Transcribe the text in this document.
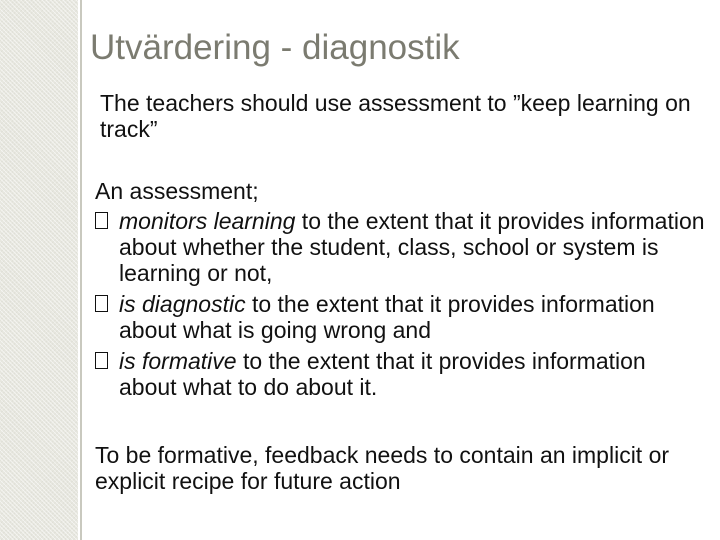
Utvärdering - diagnostik

The teachers should use assessment to ”keep learning on track”

An assessment;

monitors learning to the extent that it provides information about whether the student, class, school or system is learning or not,
is diagnostic to the extent that it provides information about what is going wrong and
is formative to the extent that it provides information about what to do about it.

To be formative, feedback needs to contain an implicit or explicit recipe for future action
